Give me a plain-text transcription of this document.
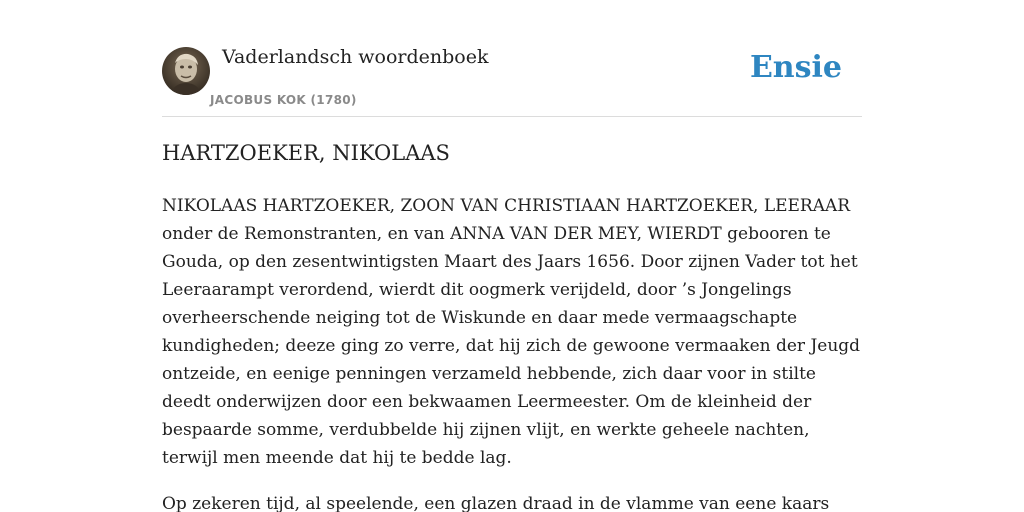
Vaderlandsch woordenboek
JACOBUS KOK (1780)
Ensie
HARTZOEKER, NIKOLAAS

NIKOLAAS HARTZOEKER, ZOON VAN CHRISTIAAN HARTZOEKER, LEERAAR onder de Remonstranten, en van ANNA VAN DER MEY, WIERDT gebooren te Gouda, op den zesentwintigsten Maart des Jaars 1656. Door zijnen Vader tot het Leeraarampt verordend, wierdt dit oogmerk verijdeld, door ’s Jongelings overheerschende neiging tot de Wiskunde en daar mede vermaagschapte kundigheden; deeze ging zo verre, dat hij zich de gewoone vermaaken der Jeugd ontzeide, en eenige penningen verzameld hebbende, zich daar voor in stilte deedt onderwijzen door een bekwaamen Leermeester. Om de kleinheid der bespaarde somme, verdubbelde hij zijnen vlijt, en werkte geheele nachten, terwijl men meende dat hij te bedde lag.

Op zekeren tijd, al speelende, een glazen draad in de vlamme van eene kaars
